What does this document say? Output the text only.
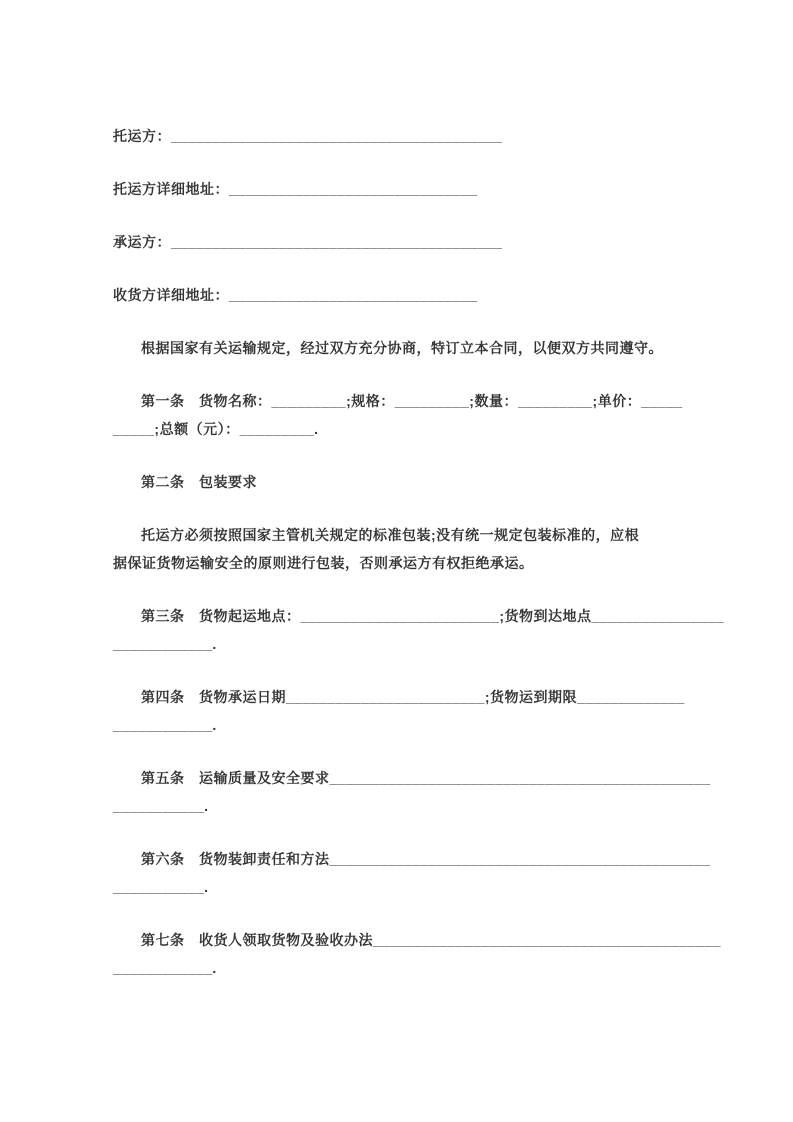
托运方：________________________________________
托运方详细地址：______________________________
承运方：________________________________________
收货方详细地址：______________________________
根据国家有关运输规定，经过双方充分协商，特订立本合同，以便双方共同遵守。
第一条　货物名称：_________;规格：_________;数量：_________;单价：_____
_____;总额（元）：_________.
第二条　包装要求
托运方必须按照国家主管机关规定的标准包装;没有统一规定包装标准的，应根
据保证货物运输安全的原则进行包装，否则承运方有权拒绝承运。
第三条　货物起运地点：________________________;货物到达地点________________
____________.
第四条　货物承运日期________________________;货物运到期限_____________
____________.
第五条　运输质量及安全要求______________________________________________
___________.
第六条　货物装卸责任和方法______________________________________________
___________.
第七条　收货人领取货物及验收办法__________________________________________
____________.
